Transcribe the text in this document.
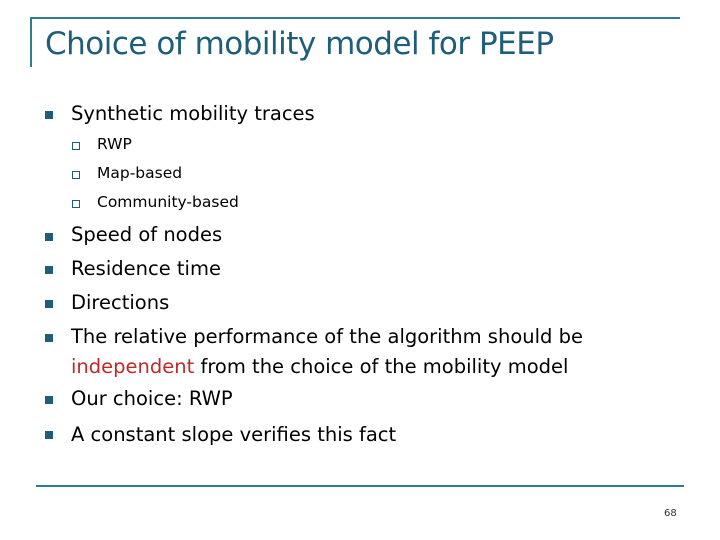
Choice of mobility model for PEEP
Synthetic mobility traces
RWP
Map-based
Community-based
Speed of nodes
Residence time
Directions
The relative performance of the algorithm should be
independent from the choice of the mobility model
Our choice: RWP
A constant slope verifies this fact
68
